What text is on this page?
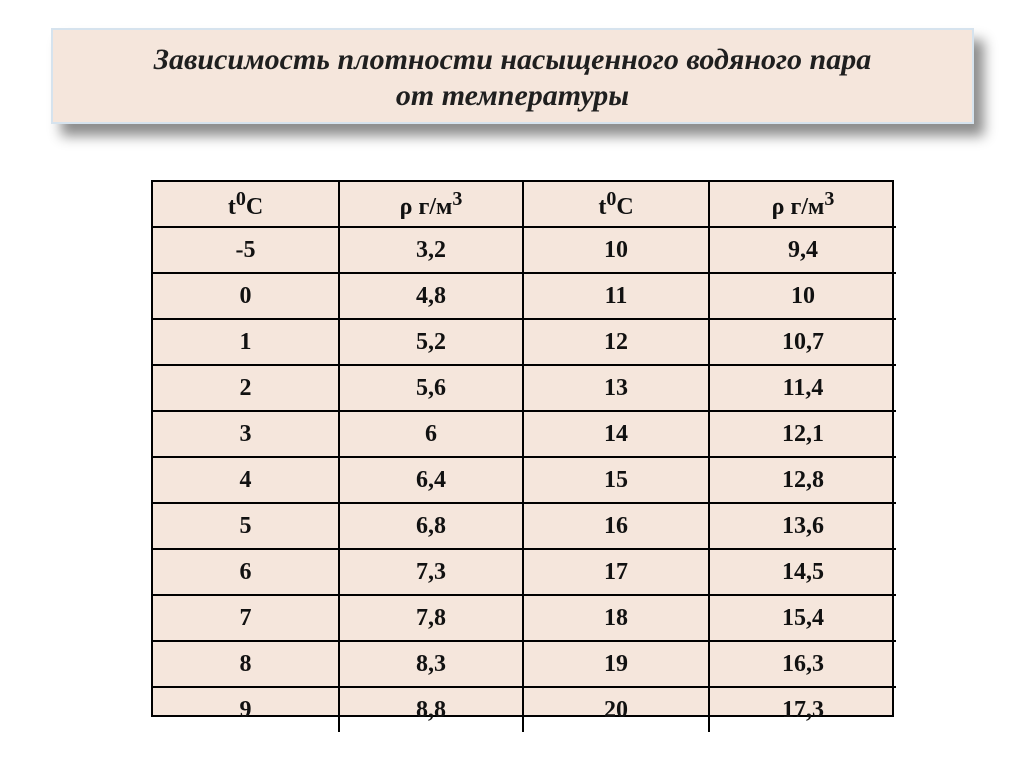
Зависимость плотности насыщенного водяного пара
от температуры
$t^0C$	ρ $г/м^3$	$t^0C$	ρ $г/м^3$
-5	3,2	10	9,4
0	4,8	11	10
1	5,2	12	10,7
2	5,6	13	11,4
3	6	14	12,1
4	6,4	15	12,8
5	6,8	16	13,6
6	7,3	17	14,5
7	7,8	18	15,4
8	8,3	19	16,3
9	8,8	20	17,3
